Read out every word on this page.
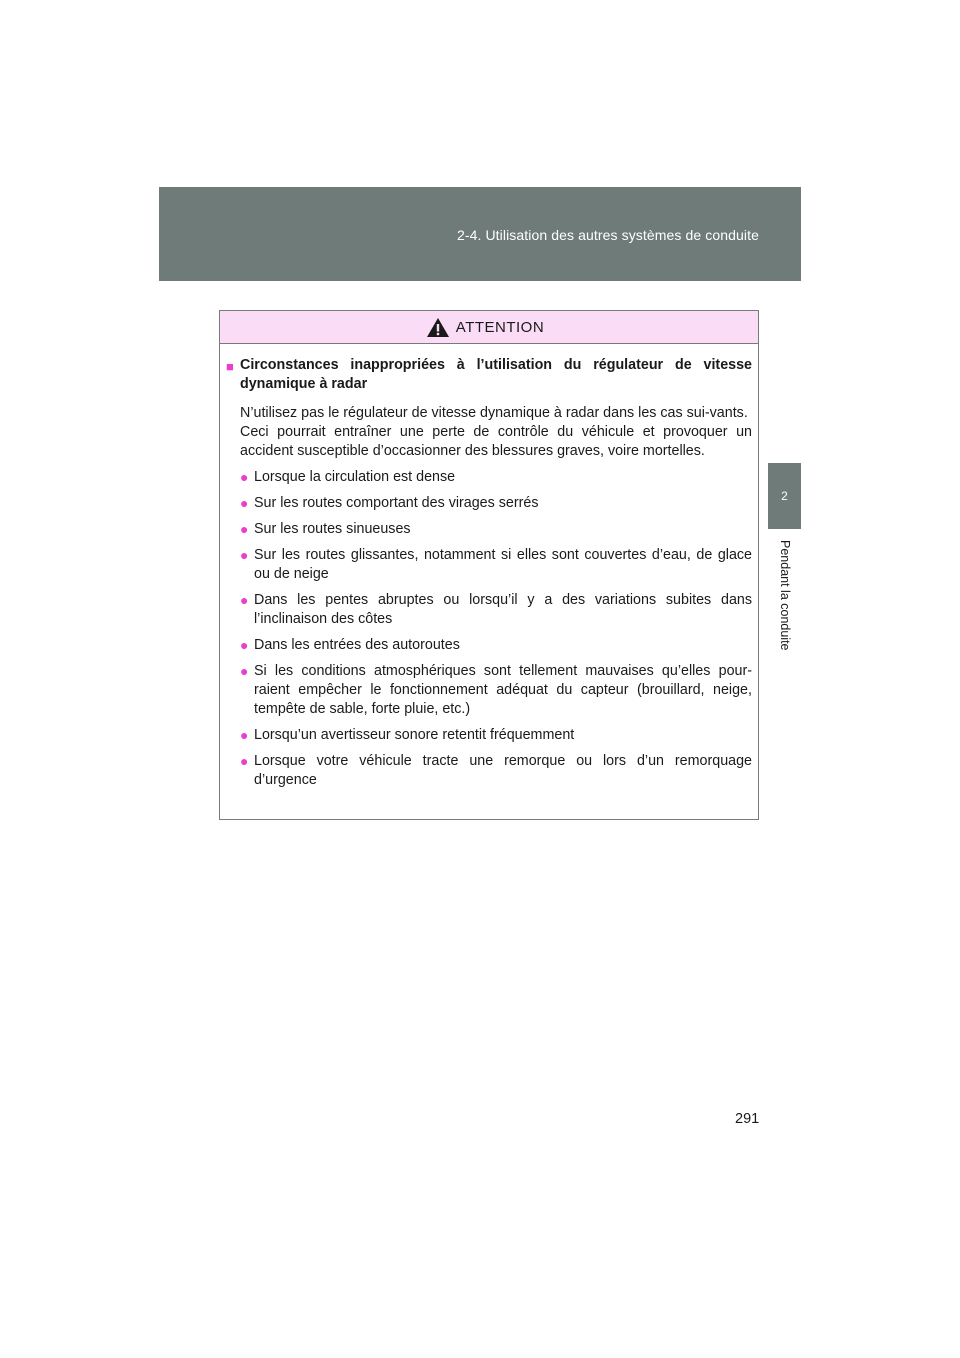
2-4. Utilisation des autres systèmes de conduite
2
Pendant la conduite
ATTENTION
■ Circonstances inappropriées à l’utilisation du régulateur de vitesse dynamique à radar

N’utilisez pas le régulateur de vitesse dynamique à radar dans les cas sui-vants.

Ceci pourrait entraîner une perte de contrôle du véhicule et provoquer un accident susceptible d’occasionner des blessures graves, voire mortelles.

● Lorsque la circulation est dense
● Sur les routes comportant des virages serrés
● Sur les routes sinueuses
● Sur les routes glissantes, notamment si elles sont couvertes d’eau, de glace ou de neige
● Dans les pentes abruptes ou lorsqu’il y a des variations subites dans l’inclinaison des côtes
● Dans les entrées des autoroutes
● Si les conditions atmosphériques sont tellement mauvaises qu’elles pour-raient empêcher le fonctionnement adéquat du capteur (brouillard, neige, tempête de sable, forte pluie, etc.)
● Lorsqu’un avertisseur sonore retentit fréquemment
● Lorsque votre véhicule tracte une remorque ou lors d’un remorquage d’urgence
291
